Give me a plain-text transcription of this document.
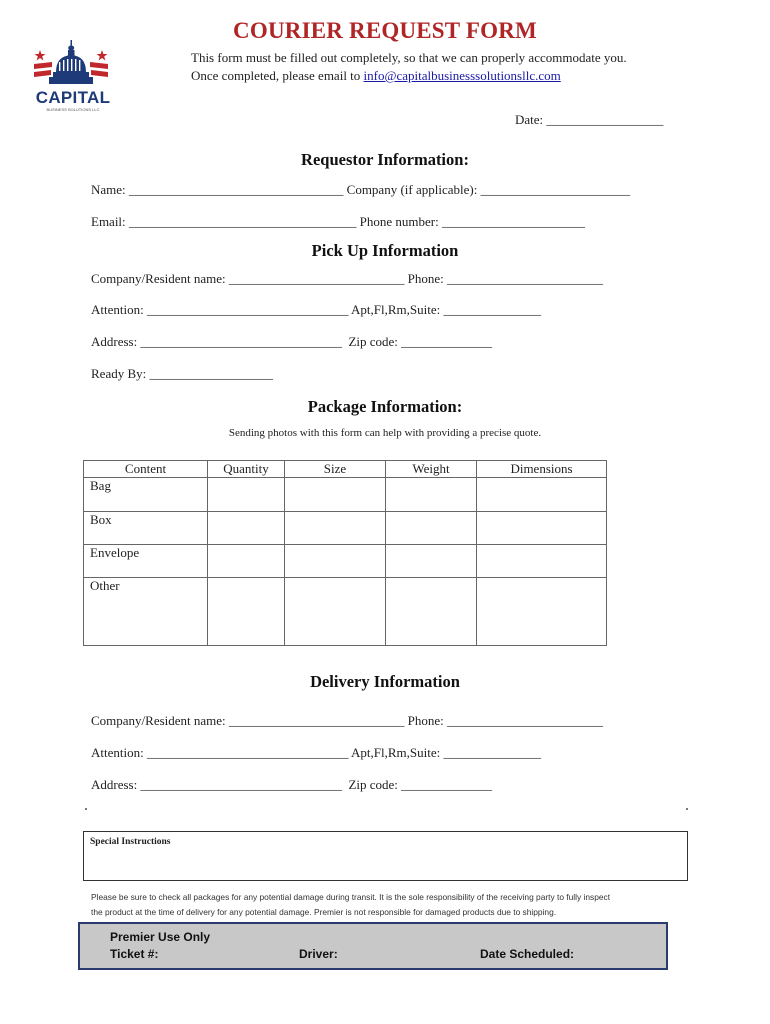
CAPITAL
BUSINESS SOLUTIONS LLC
COURIER REQUEST FORM
This form must be filled out completely, so that we can properly accommodate you.
Once completed, please email to info@capitalbusinesssolutionsllc.com
Date: __________________
Requestor Information:
Name: _________________________________ Company (if applicable): _______________________
Email: ___________________________________ Phone number: ______________________
Pick Up Information
Company/Resident name: ___________________________ Phone: ________________________
Attention: _______________________________ Apt,Fl,Rm,Suite: _______________
Address: _______________________________  Zip code: ______________
Ready By: ___________________
Package Information:
Sending photos with this form can help with providing a precise quote.
Content	Quantity	Size	Weight	Dimensions
Bag				
Box				
Envelope				
Other				
Delivery Information
Company/Resident name: ___________________________ Phone: ________________________
Attention: _______________________________ Apt,Fl,Rm,Suite: _______________
Address: _______________________________  Zip code: ______________
Special Instructions
Please be sure to check all packages for any potential damage during transit. It is the sole responsibility of the receiving party to fully inspect
the product at the time of delivery for any potential damage. Premier is not responsible for damaged products due to shipping.
Premier Use Only
Ticket #:	Driver:	Date Scheduled:
